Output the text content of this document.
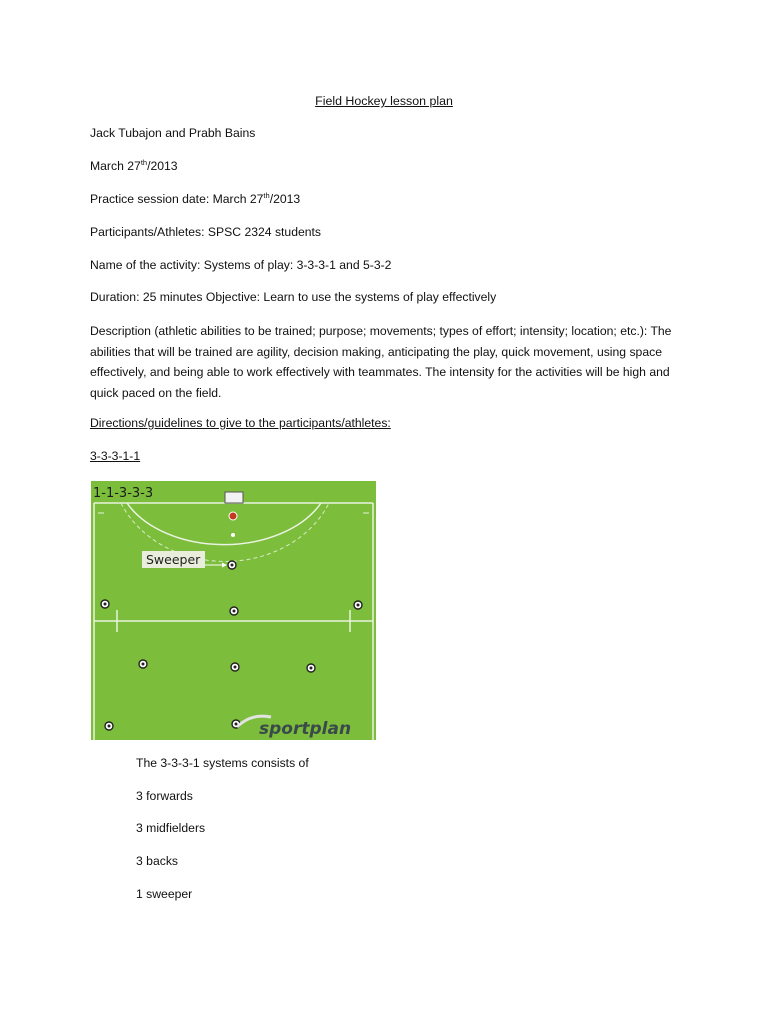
Field Hockey lesson plan
Jack Tubajon and Prabh Bains
March 27th/2013
Practice session date: March 27th/2013
Participants/Athletes: SPSC 2324 students
Name of the activity: Systems of play: 3-3-3-1 and 5-3-2
Duration: 25 minutes Objective: Learn to use the systems of play effectively
Description (athletic abilities to be trained; purpose; movements; types of effort; intensity; location; etc.): The abilities that will be trained are agility, decision making, anticipating the play, quick movement, using space effectively, and being able to work effectively with teammates. The intensity for the activities will be high and quick paced on the field.
Directions/guidelines to give to the participants/athletes:
3-3-3-1-1
1-1-3-3-3
Sweeper
sportplan
The 3-3-3-1 systems consists of
3 forwards
3 midfielders
3 backs
1 sweeper
